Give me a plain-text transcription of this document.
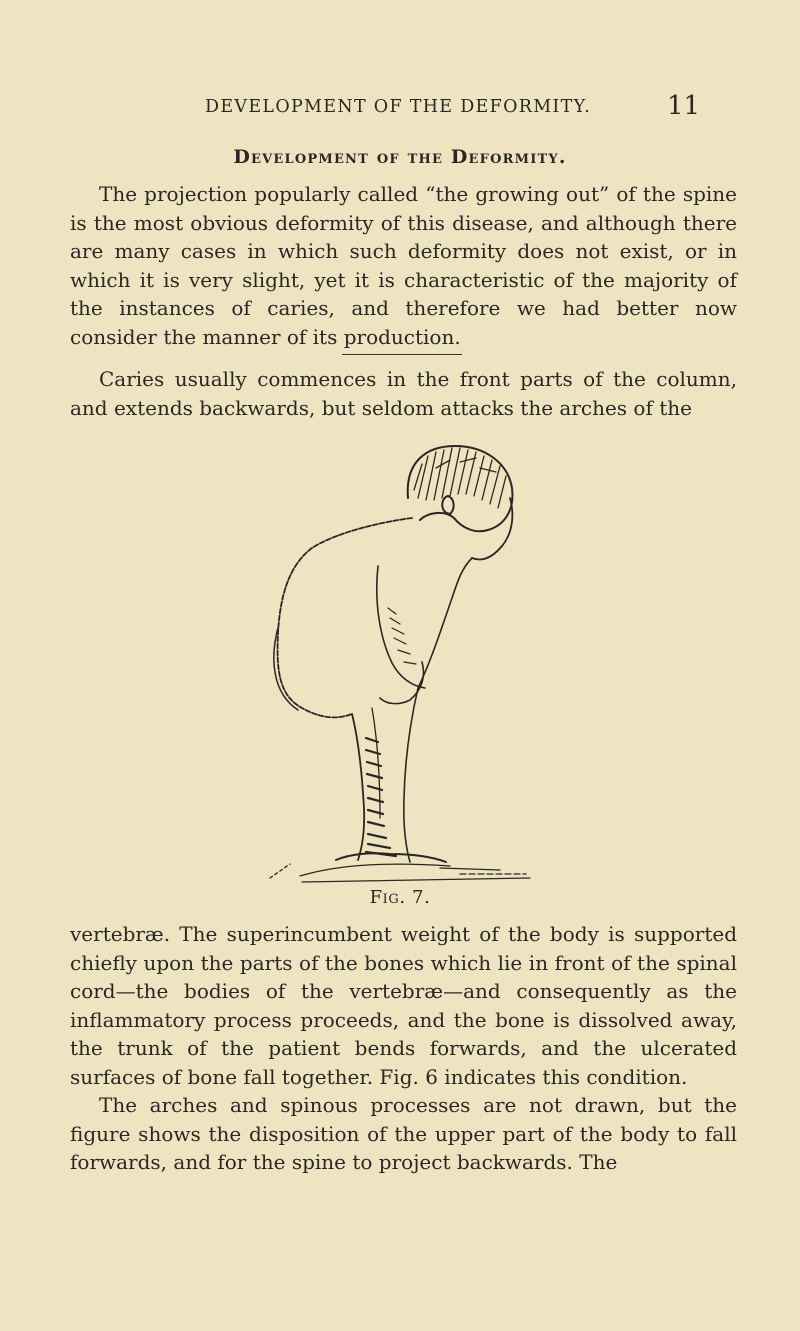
DEVELOPMENT OF THE DEFORMITY.	11
Development of the Deformity.

The projection popularly called “the growing out” of the spine is the most obvious deformity of this disease, and although there are many cases in which such deformity does not exist, or in which it is very slight, yet it is characteristic of the majority of the instances of caries, and therefore we had better now consider the manner of its production.

Caries usually commences in the front parts of the column, and extends backwards, but seldom attacks the arches of the

Fig. 7.

vertebræ. The superincumbent weight of the body is supported chiefly upon the parts of the bones which lie in front of the spinal cord—the bodies of the vertebræ—and consequently as the inflammatory process proceeds, and the bone is dissolved away, the trunk of the patient bends forwards, and the ulcerated surfaces of bone fall together. Fig. 6 indicates this condition.

The arches and spinous processes are not drawn, but the figure shows the disposition of the upper part of the body to fall forwards, and for the spine to project backwards. The
